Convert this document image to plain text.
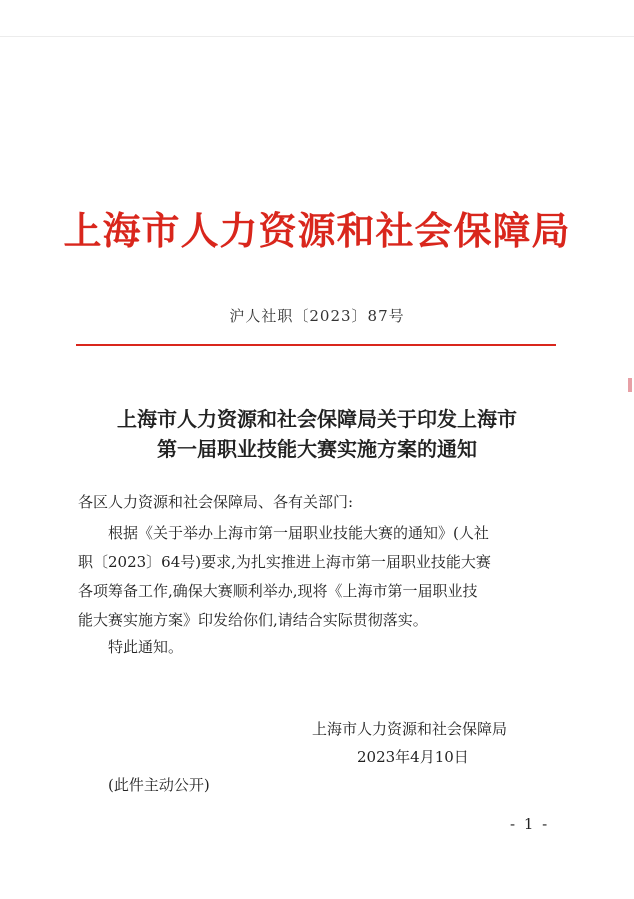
上海市人力资源和社会保障局
沪人社职〔2023〕87号
上海市人力资源和社会保障局关于印发上海市
第一届职业技能大赛实施方案的通知
各区人力资源和社会保障局、各有关部门:
根据《关于举办上海市第一届职业技能大赛的通知》(人社
职〔2023〕64号)要求,为扎实推进上海市第一届职业技能大赛
各项筹备工作,确保大赛顺利举办,现将《上海市第一届职业技
能大赛实施方案》印发给你们,请结合实际贯彻落实。
特此通知。
上海市人力资源和社会保障局
2023年4月10日
(此件主动公开)
- 1 -
